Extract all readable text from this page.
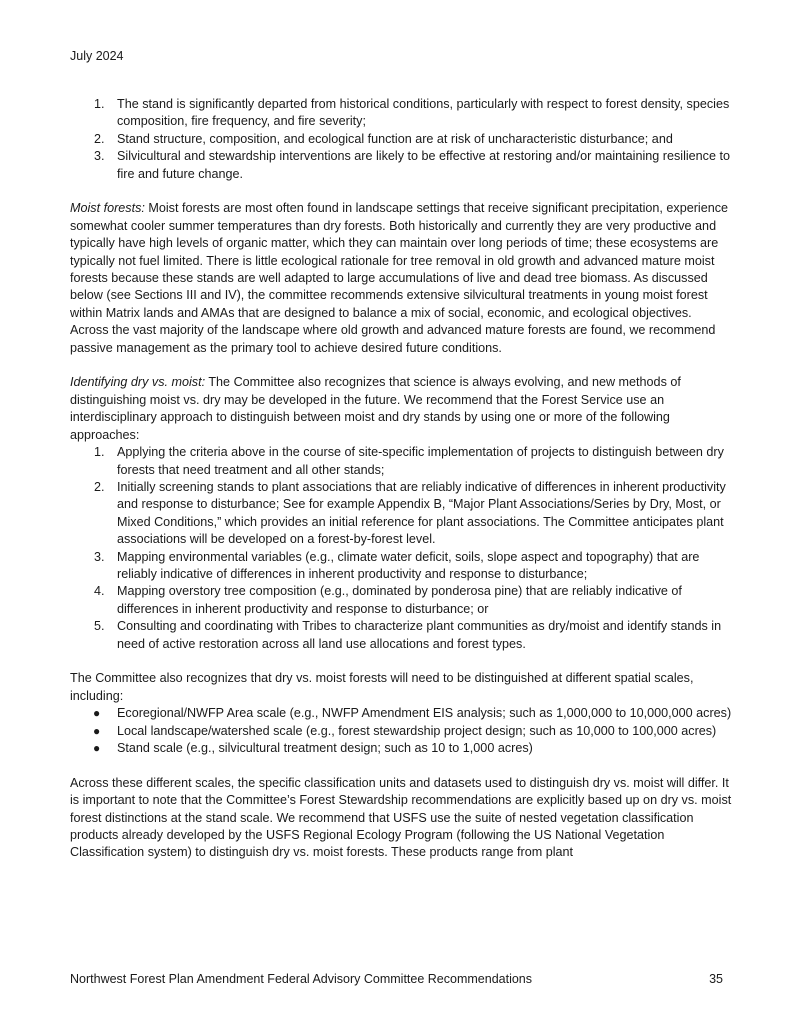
July 2024
1. The stand is significantly departed from historical conditions, particularly with respect to forest density, species composition, fire frequency, and fire severity;
2. Stand structure, composition, and ecological function are at risk of uncharacteristic disturbance; and
3. Silvicultural and stewardship interventions are likely to be effective at restoring and/or maintaining resilience to fire and future change.

Moist forests: Moist forests are most often found in landscape settings that receive significant precipitation, experience somewhat cooler summer temperatures than dry forests. Both historically and currently they are very productive and typically have high levels of organic matter, which they can maintain over long periods of time; these ecosystems are typically not fuel limited. There is little ecological rationale for tree removal in old growth and advanced mature moist forests because these stands are well adapted to large accumulations of live and dead tree biomass. As discussed below (see Sections III and IV), the committee recommends extensive silvicultural treatments in young moist forest within Matrix lands and AMAs that are designed to balance a mix of social, economic, and ecological objectives. Across the vast majority of the landscape where old growth and advanced mature forests are found, we recommend passive management as the primary tool to achieve desired future conditions.

Identifying dry vs. moist: The Committee also recognizes that science is always evolving, and new methods of distinguishing moist vs. dry may be developed in the future. We recommend that the Forest Service use an interdisciplinary approach to distinguish between moist and dry stands by using one or more of the following approaches:

1. Applying the criteria above in the course of site-specific implementation of projects to distinguish between dry forests that need treatment and all other stands;
2. Initially screening stands to plant associations that are reliably indicative of differences in inherent productivity and response to disturbance; See for example Appendix B, “Major Plant Associations/Series by Dry, Most, or Mixed Conditions,” which provides an initial reference for plant associations. The Committee anticipates plant associations will be developed on a forest-by-forest level.
3. Mapping environmental variables (e.g., climate water deficit, soils, slope aspect and topography) that are reliably indicative of differences in inherent productivity and response to disturbance;
4. Mapping overstory tree composition (e.g., dominated by ponderosa pine) that are reliably indicative of differences in inherent productivity and response to disturbance; or
5. Consulting and coordinating with Tribes to characterize plant communities as dry/moist and identify stands in need of active restoration across all land use allocations and forest types.

The Committee also recognizes that dry vs. moist forests will need to be distinguished at different spatial scales, including:

● Ecoregional/NWFP Area scale (e.g., NWFP Amendment EIS analysis; such as 1,000,000 to 10,000,000 acres)
● Local landscape/watershed scale (e.g., forest stewardship project design; such as 10,000 to 100,000 acres)
● Stand scale (e.g., silvicultural treatment design; such as 10 to 1,000 acres)

Across these different scales, the specific classification units and datasets used to distinguish dry vs. moist will differ. It is important to note that the Committee’s Forest Stewardship recommendations are explicitly based up on dry vs. moist forest distinctions at the stand scale. We recommend that USFS use the suite of nested vegetation classification products already developed by the USFS Regional Ecology Program (following the US National Vegetation Classification system) to distinguish dry vs. moist forests. These products range from plant

Northwest Forest Plan Amendment Federal Advisory Committee Recommendations	35
